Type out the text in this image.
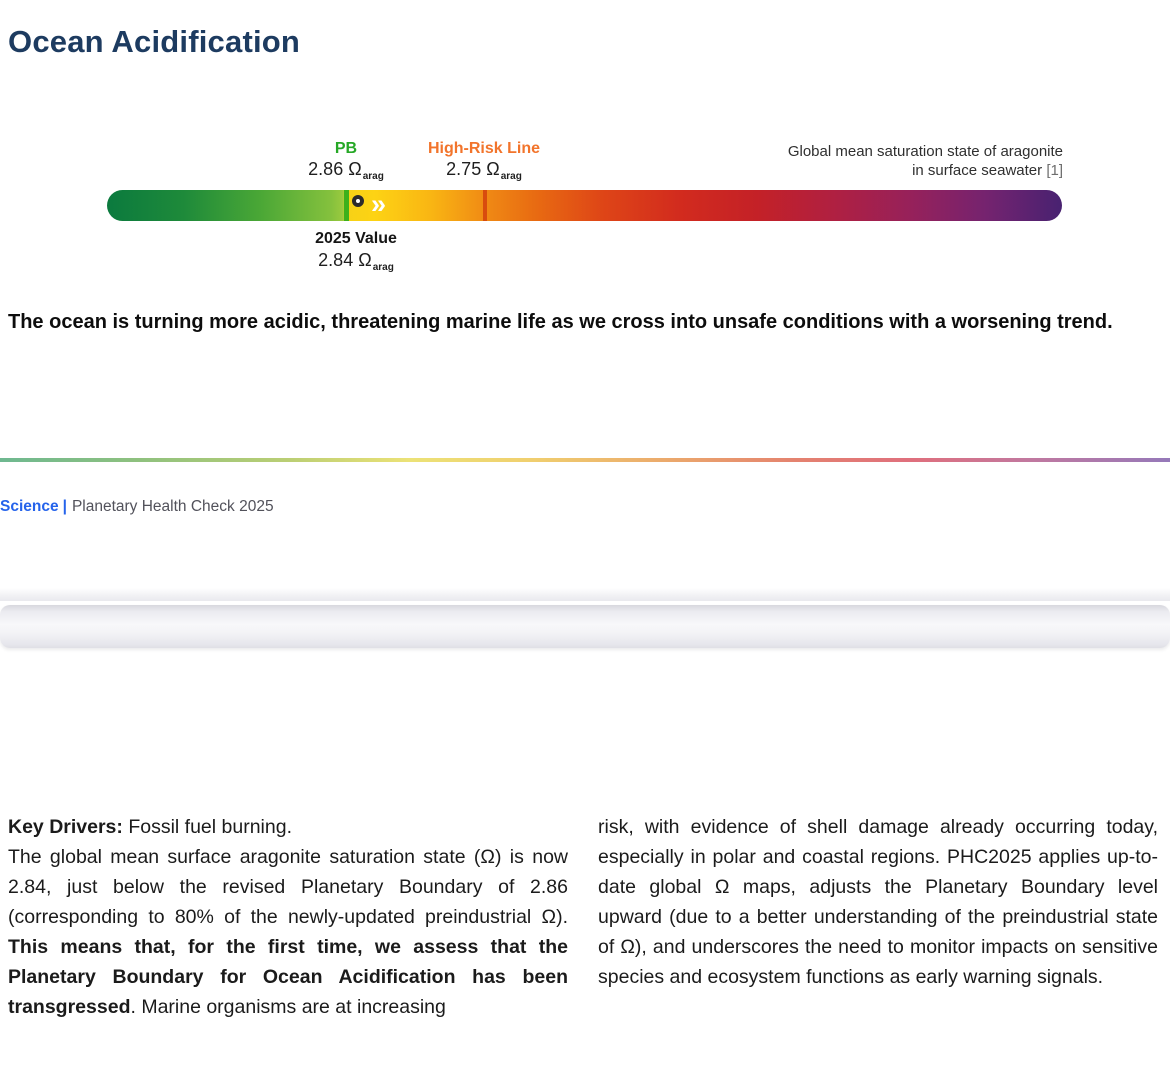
Ocean Acidification
PB
2.86 $\Omega_{arag}$
High-Risk Line
2.75 $\Omega_{arag}$
Global mean saturation state of aragonite
in surface seawater [1]
»
2025 Value
2.84 $\Omega_{arag}$

The ocean is turning more acidic, threatening marine life as we cross into unsafe conditions with a worsening trend.

Science | Planetary Health Check 2025
Key Drivers: Fossil fuel burning.
The global mean surface aragonite saturation state (Ω) is now 2.84, just below the revised Planetary Boundary of 2.86 (corresponding to 80% of the newly-updated preindustrial Ω). This means that, for the first time, we assess that the Planetary Boundary for Ocean Acidification has been transgressed. Marine organisms are at increasing
risk, with evidence of shell damage already occurring today, especially in polar and coastal regions. PHC2025 applies up-to-date global Ω maps, adjusts the Planetary Boundary level upward (due to a better understanding of the preindustrial state of Ω), and underscores the need to monitor impacts on sensitive species and ecosystem functions as early warning signals.
